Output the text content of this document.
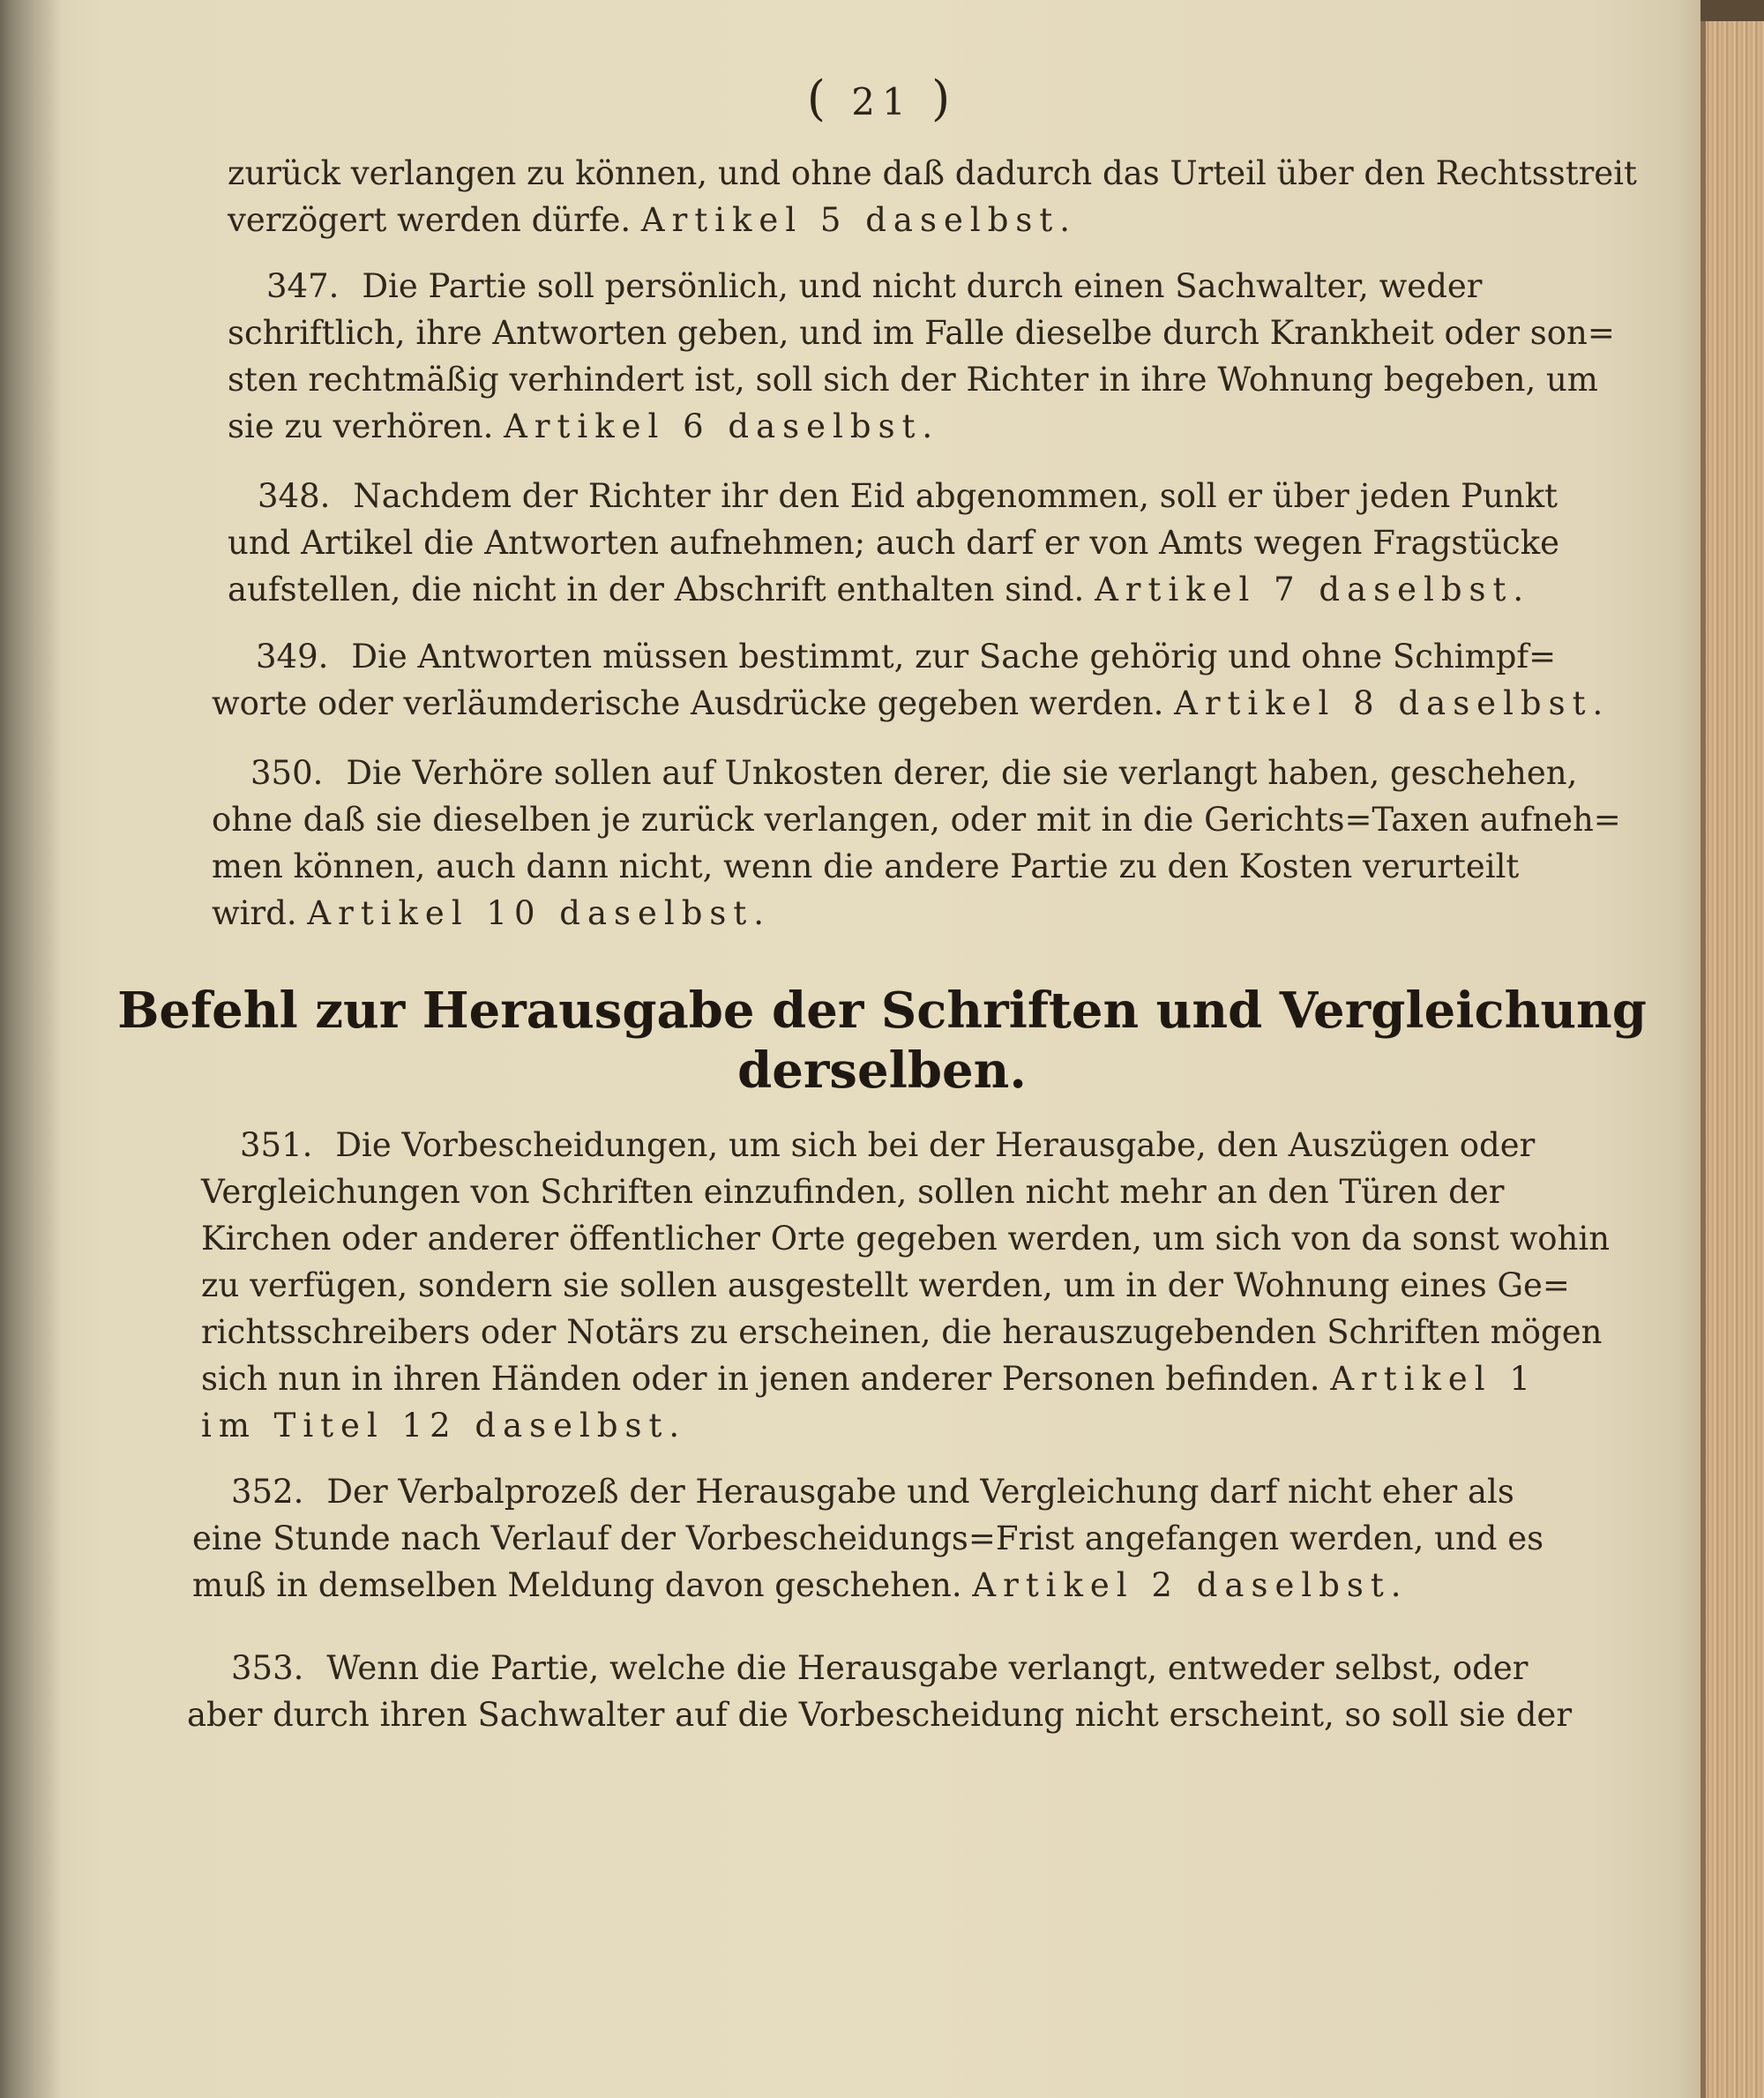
( 21 )

zurück verlangen zu können, und ohne daß dadurch das Urteil über den Rechtsstreit

verzögert werden dürfe. Artikel 5 daselbst.

347. Die Partie soll persönlich, und nicht durch einen Sachwalter, weder

schriftlich, ihre Antworten geben, und im Falle dieselbe durch Krankheit oder son=

sten rechtmäßig verhindert ist, soll sich der Richter in ihre Wohnung begeben, um

sie zu verhören. Artikel 6 daselbst.

348. Nachdem der Richter ihr den Eid abgenommen, soll er über jeden Punkt

und Artikel die Antworten aufnehmen; auch darf er von Amts wegen Fragstücke

aufstellen, die nicht in der Abschrift enthalten sind. Artikel 7 daselbst.

349. Die Antworten müssen bestimmt, zur Sache gehörig und ohne Schimpf=

worte oder verläumderische Ausdrücke gegeben werden. Artikel 8 daselbst.

350. Die Verhöre sollen auf Unkosten derer, die sie verlangt haben, geschehen,

ohne daß sie dieselben je zurück verlangen, oder mit in die Gerichts=Taxen aufneh=

men können, auch dann nicht, wenn die andere Partie zu den Kosten verurteilt

wird. Artikel 10 daselbst.

Befehl zur Herausgabe der Schriften und Vergleichung
derselben.

351. Die Vorbescheidungen, um sich bei der Herausgabe, den Auszügen oder

Vergleichungen von Schriften einzufinden, sollen nicht mehr an den Türen der

Kirchen oder anderer öffentlicher Orte gegeben werden, um sich von da sonst wohin

zu verfügen, sondern sie sollen ausgestellt werden, um in der Wohnung eines Ge=

richtsschreibers oder Notärs zu erscheinen, die herauszugebenden Schriften mögen

sich nun in ihren Händen oder in jenen anderer Personen befinden. Artikel 1

im Titel 12 daselbst.

352. Der Verbalprozeß der Herausgabe und Vergleichung darf nicht eher als

eine Stunde nach Verlauf der Vorbescheidungs=Frist angefangen werden, und es

muß in demselben Meldung davon geschehen. Artikel 2 daselbst.

353. Wenn die Partie, welche die Herausgabe verlangt, entweder selbst, oder

aber durch ihren Sachwalter auf die Vorbescheidung nicht erscheint, so soll sie der
